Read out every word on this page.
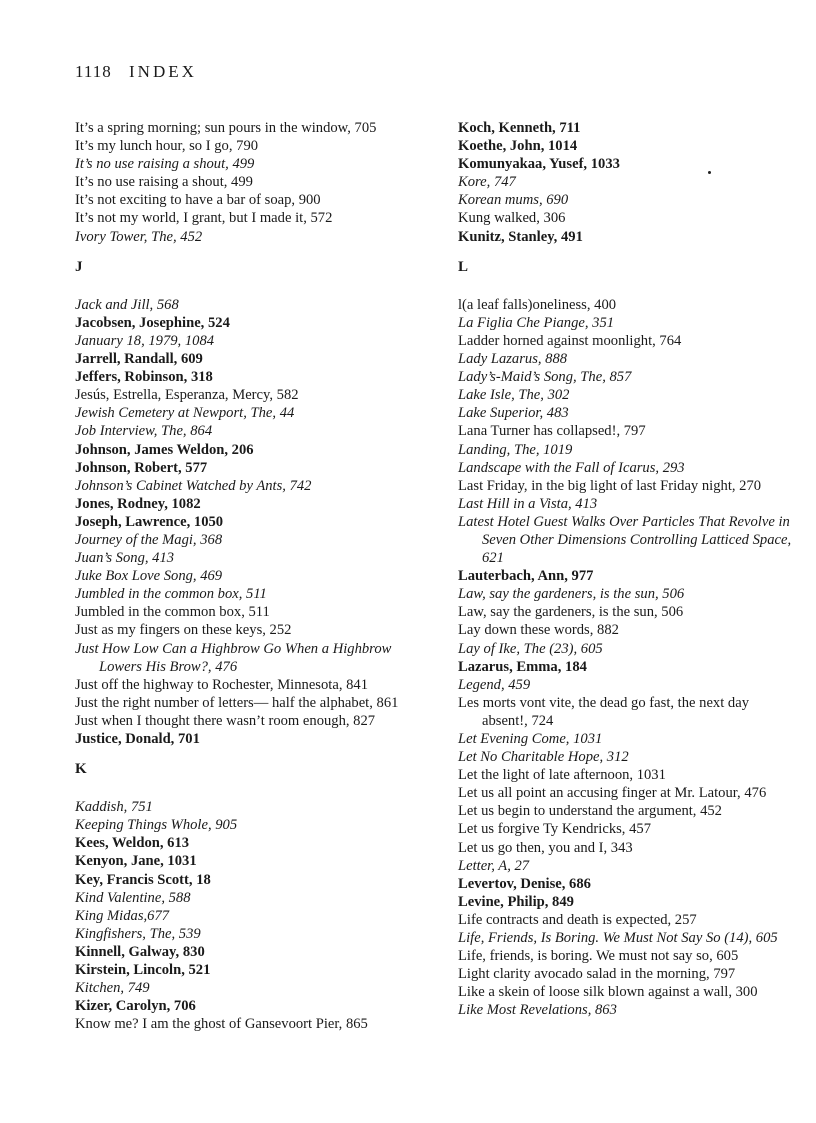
1118 INDEX
It’s a spring morning; sun pours in the window, 705
It’s my lunch hour, so I go, 790
It’s no use raising a shout, 499
It’s no use raising a shout, 499
It’s not exciting to have a bar of soap, 900
It’s not my world, I grant, but I made it, 572
Ivory Tower, The, 452
J
Jack and Jill, 568
Jacobsen, Josephine, 524
January 18, 1979, 1084
Jarrell, Randall, 609
Jeffers, Robinson, 318
Jesús, Estrella, Esperanza, Mercy, 582
Jewish Cemetery at Newport, The, 44
Job Interview, The, 864
Johnson, James Weldon, 206
Johnson, Robert, 577
Johnson’s Cabinet Watched by Ants, 742
Jones, Rodney, 1082
Joseph, Lawrence, 1050
Journey of the Magi, 368
Juan’s Song, 413
Juke Box Love Song, 469
Jumbled in the common box, 511
Jumbled in the common box, 511
Just as my fingers on these keys, 252
Just How Low Can a Highbrow Go When a Highbrow Lowers His Brow?, 476
Just off the highway to Rochester, Minnesota, 841
Just the right number of letters— half the alphabet, 861
Just when I thought there wasn’t room enough, 827
Justice, Donald, 701
K
Kaddish, 751
Keeping Things Whole, 905
Kees, Weldon, 613
Kenyon, Jane, 1031
Key, Francis Scott, 18
Kind Valentine, 588
King Midas,677
Kingfishers, The, 539
Kinnell, Galway, 830
Kirstein, Lincoln, 521
Kitchen, 749
Kizer, Carolyn, 706
Know me? I am the ghost of Gansevoort Pier, 865
Koch, Kenneth, 711
Koethe, John, 1014
Komunyakaa, Yusef, 1033
Kore, 747
Korean mums, 690
Kung walked, 306
Kunitz, Stanley, 491
L
l(a leaf falls)oneliness, 400
La Figlia Che Piange, 351
Ladder horned against moonlight, 764
Lady Lazarus, 888
Lady’s-Maid’s Song, The, 857
Lake Isle, The, 302
Lake Superior, 483
Lana Turner has collapsed!, 797
Landing, The, 1019
Landscape with the Fall of Icarus, 293
Last Friday, in the big light of last Friday night, 270
Last Hill in a Vista, 413
Latest Hotel Guest Walks Over Particles That Revolve in Seven Other Dimensions Controlling Latticed Space, 621
Lauterbach, Ann, 977
Law, say the gardeners, is the sun, 506
Law, say the gardeners, is the sun, 506
Lay down these words, 882
Lay of Ike, The (23), 605
Lazarus, Emma, 184
Legend, 459
Les morts vont vite, the dead go fast, the next day absent!, 724
Let Evening Come, 1031
Let No Charitable Hope, 312
Let the light of late afternoon, 1031
Let us all point an accusing finger at Mr. Latour, 476
Let us begin to understand the argument, 452
Let us forgive Ty Kendricks, 457
Let us go then, you and I, 343
Letter, A, 27
Levertov, Denise, 686
Levine, Philip, 849
Life contracts and death is expected, 257
Life, Friends, Is Boring. We Must Not Say So (14), 605
Life, friends, is boring. We must not say so, 605
Light clarity avocado salad in the morning, 797
Like a skein of loose silk blown against a wall, 300
Like Most Revelations, 863
